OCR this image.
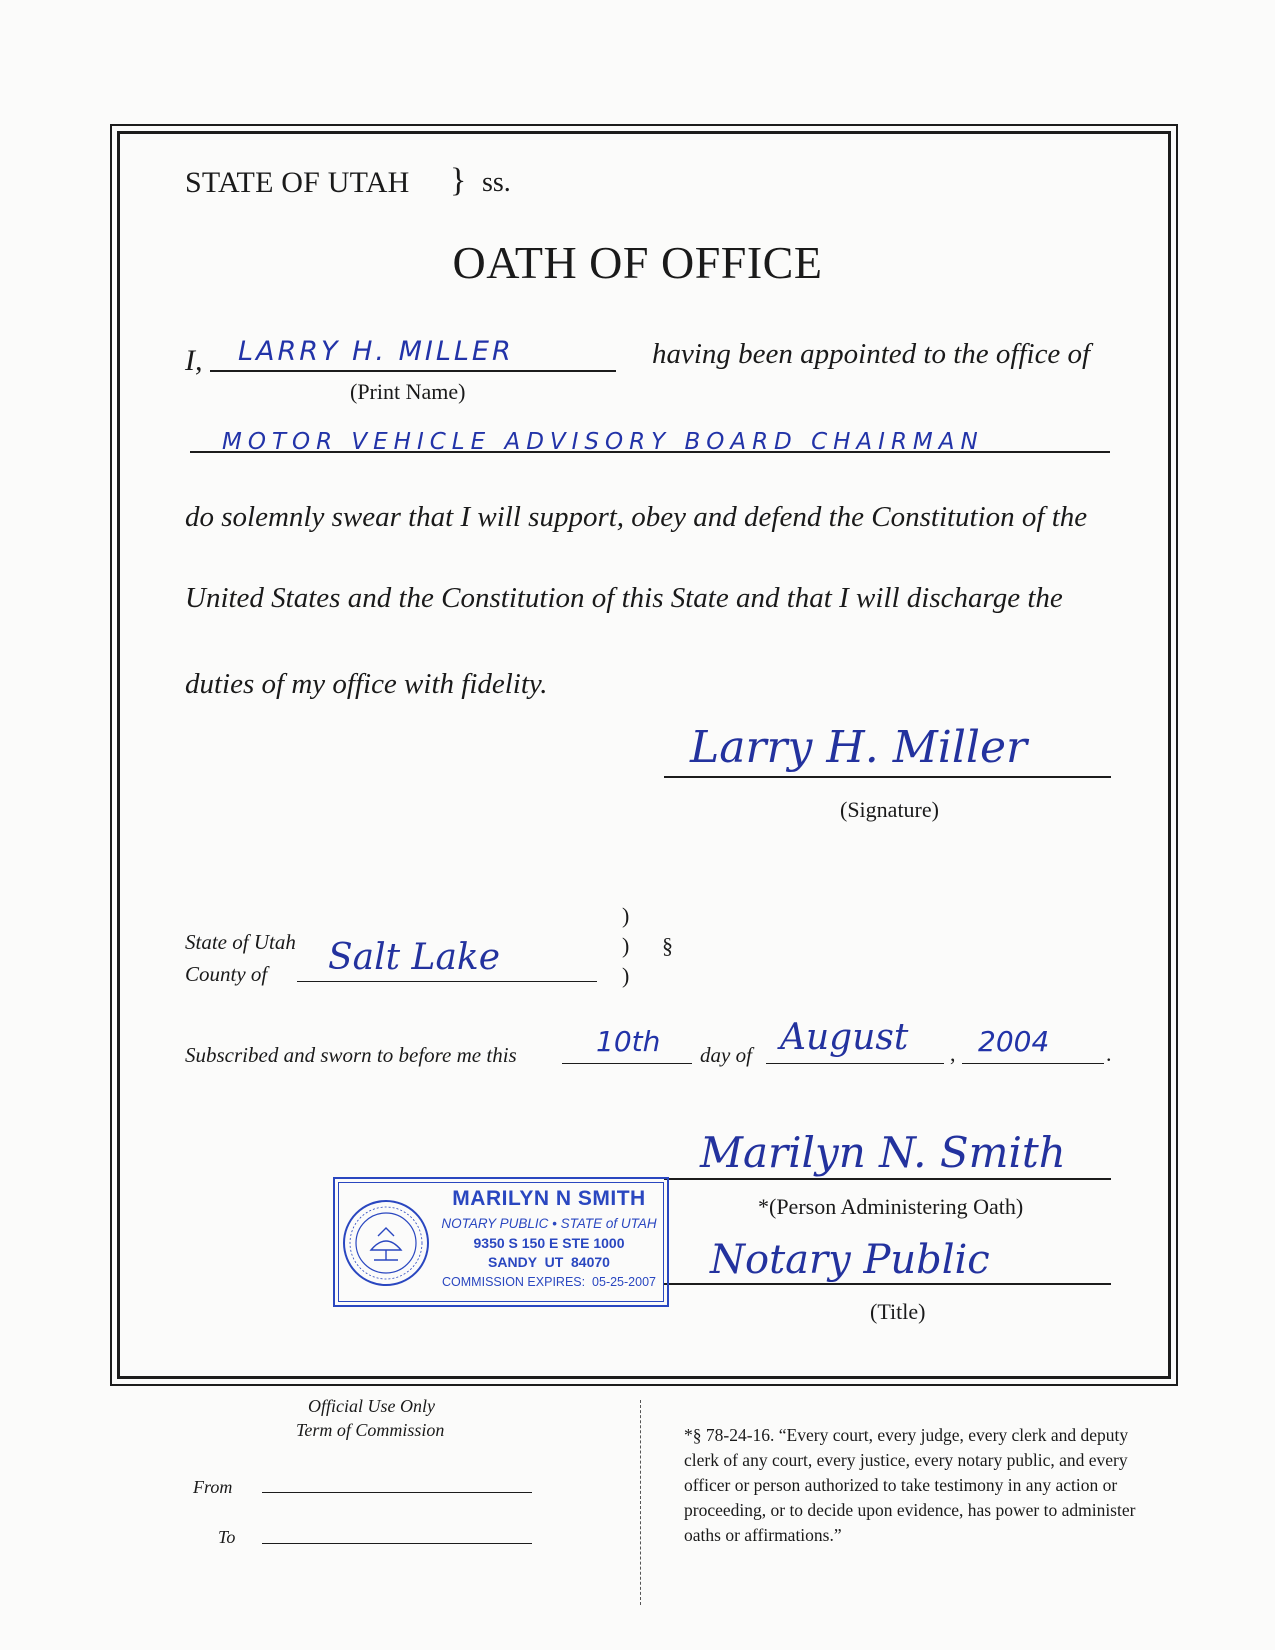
STATE OF UTAH } ss.
OATH OF OFFICE
I, LARRY H. MILLER
(Print Name)
having been appointed to the office of
MOTOR VEHICLE ADVISORY BOARD CHAIRMAN
do solemnly swear that I will support, obey and defend the Constitution of the
United States and the Constitution of this State and that I will discharge the
duties of my office with fidelity.
Larry H. Miller
(Signature)
State of Utah
County of Salt Lake
)
)
)
§
Subscribed and sworn to before me this	10th day of August , 2004	.
Marilyn N. Smith
*(Person Administering Oath)
Notary Public
(Title)
MARILYN N SMITH
NOTARY PUBLIC • STATE of UTAH
9350 S 150 E STE 1000
SANDY  UT  84070
COMMISSION EXPIRES:  05-25-2007
Official Use Only
Term of Commission
From
To
*§ 78-24-16. “Every court, every judge, every clerk and deputy clerk of any court, every justice, every notary public, and every officer or person authorized to take testimony in any action or proceeding, or to decide upon evidence, has power to administer oaths or affirmations.”
